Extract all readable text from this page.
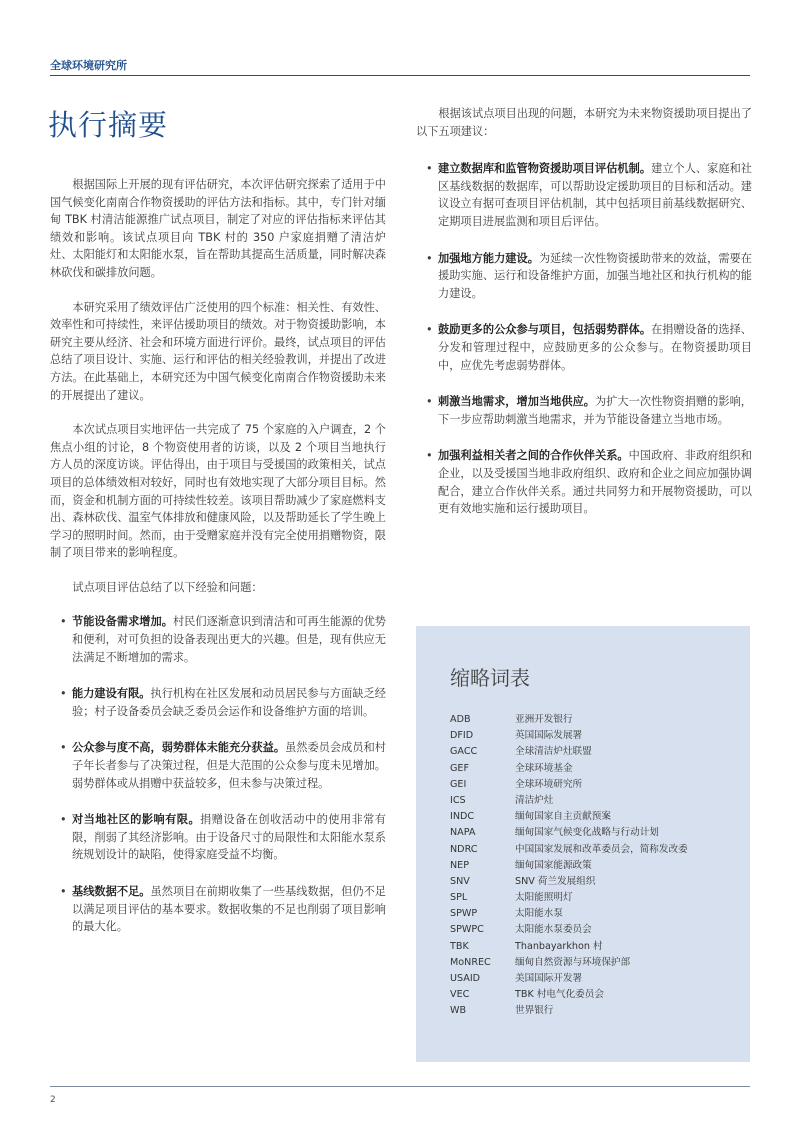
全球环境研究所
执行摘要

根据国际上开展的现有评估研究，本次评估研究探索了适用于中国气候变化南南合作物资援助的评估方法和指标。其中，专门针对缅甸 TBK 村清洁能源推广试点项目，制定了对应的评估指标来评估其绩效和影响。该试点项目向 TBK 村的 350 户家庭捐赠了清洁炉灶、太阳能灯和太阳能水泵，旨在帮助其提高生活质量，同时解决森林砍伐和碳排放问题。

本研究采用了绩效评估广泛使用的四个标准：相关性、有效性、效率性和可持续性，来评估援助项目的绩效。对于物资援助影响，本研究主要从经济、社会和环境方面进行评价。最终，试点项目的评估总结了项目设计、实施、运行和评估的相关经验教训，并提出了改进方法。在此基础上，本研究还为中国气候变化南南合作物资援助未来的开展提出了建议。

本次试点项目实地评估一共完成了 75 个家庭的入户调查，2 个焦点小组的讨论，8 个物资使用者的访谈，以及 2 个项目当地执行方人员的深度访谈。评估得出，由于项目与受援国的政策相关，试点项目的总体绩效相对较好，同时也有效地实现了大部分项目目标。然而，资金和机制方面的可持续性较差。该项目帮助减少了家庭燃料支出、森林砍伐、温室气体排放和健康风险，以及帮助延长了学生晚上学习的照明时间。然而，由于受赠家庭并没有完全使用捐赠物资，限制了项目带来的影响程度。

试点项目评估总结了以下经验和问题：

• 节能设备需求增加。村民们逐渐意识到清洁和可再生能源的优势和便利，对可负担的设备表现出更大的兴趣。但是，现有供应无法满足不断增加的需求。
• 能力建设有限。执行机构在社区发展和动员居民参与方面缺乏经验；村子设备委员会缺乏委员会运作和设备维护方面的培训。
• 公众参与度不高，弱势群体未能充分获益。虽然委员会成员和村子年长者参与了决策过程，但是大范围的公众参与度未见增加。弱势群体或从捐赠中获益较多，但未参与决策过程。
• 对当地社区的影响有限。捐赠设备在创收活动中的使用非常有限，削弱了其经济影响。由于设备尺寸的局限性和太阳能水泵系统规划设计的缺陷，使得家庭受益不均衡。
• 基线数据不足。虽然项目在前期收集了一些基线数据，但仍不足以满足项目评估的基本要求。数据收集的不足也削弱了项目影响的最大化。

根据该试点项目出现的问题，本研究为未来物资援助项目提出了以下五项建议：

• 建立数据库和监管物资援助项目评估机制。建立个人、家庭和社区基线数据的数据库，可以帮助设定援助项目的目标和活动。建议设立有据可查项目评估机制，其中包括项目前基线数据研究、定期项目进展监测和项目后评估。
• 加强地方能力建设。为延续一次性物资援助带来的效益，需要在援助实施、运行和设备维护方面，加强当地社区和执行机构的能力建设。
• 鼓励更多的公众参与项目，包括弱势群体。在捐赠设备的选择、分发和管理过程中，应鼓励更多的公众参与。在物资援助项目中，应优先考虑弱势群体。
• 刺激当地需求，增加当地供应。为扩大一次性物资捐赠的影响，下一步应帮助刺激当地需求，并为节能设备建立当地市场。
• 加强利益相关者之间的合作伙伴关系。中国政府、非政府组织和企业，以及受援国当地非政府组织、政府和企业之间应加强协调配合，建立合作伙伴关系。通过共同努力和开展物资援助，可以更有效地实施和运行援助项目。
缩略词表
ADB	亚洲开发银行
DFID	英国国际发展署
GACC	全球清洁炉灶联盟
GEF	全球环境基金
GEI	全球环境研究所
ICS	清洁炉灶
INDC	缅甸国家自主贡献预案
NAPA	缅甸国家气候变化战略与行动计划
NDRC	中国国家发展和改革委员会，简称发改委
NEP	缅甸国家能源政策
SNV	SNV 荷兰发展组织
SPL	太阳能照明灯
SPWP	太阳能水泵
SPWPC	太阳能水泵委员会
TBK	Thanbayarkhon 村
MoNREC	缅甸自然资源与环境保护部
USAID	美国国际开发署
VEC	TBK 村电气化委员会
WB	世界银行
2
